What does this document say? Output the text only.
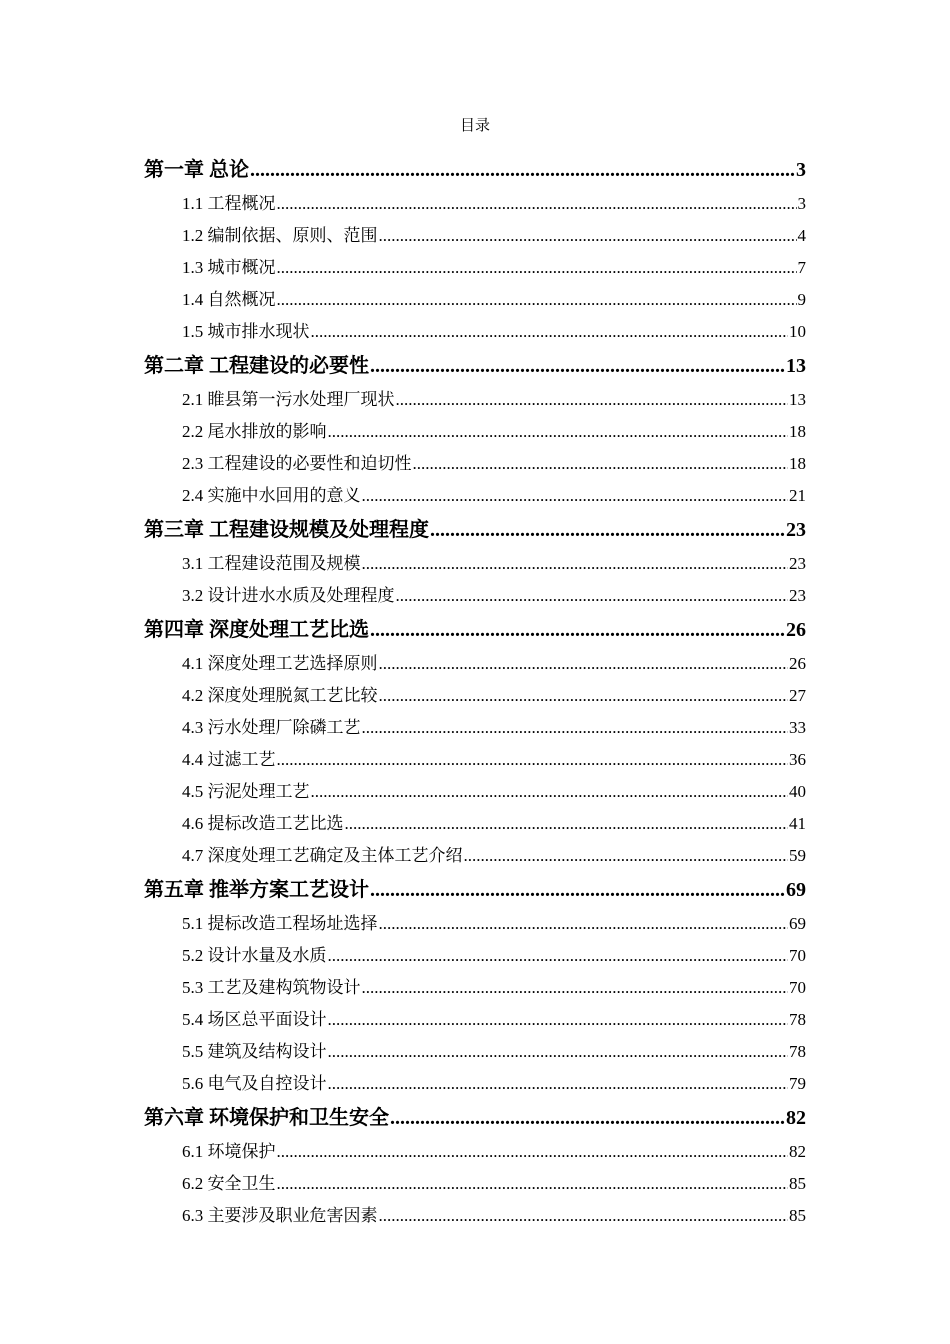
目录
第一章 总论 .....	3
1.1 工程概况 .....	3
1.2 编制依据、原则、范围 .....	4
1.3 城市概况 .....	7
1.4 自然概况 .....	9
1.5 城市排水现状 .....	10
第二章 工程建设的必要性 .....	13
2.1 睢县第一污水处理厂现状 .....	13
2.2 尾水排放的影响 .....	18
2.3 工程建设的必要性和迫切性 .....	18
2.4 实施中水回用的意义 .....	21
第三章 工程建设规模及处理程度 .....	23
3.1 工程建设范围及规模 .....	23
3.2 设计进水水质及处理程度 .....	23
第四章 深度处理工艺比选 .....	26
4.1 深度处理工艺选择原则 .....	26
4.2 深度处理脱氮工艺比较 .....	27
4.3 污水处理厂除磷工艺 .....	33
4.4 过滤工艺 .....	36
4.5 污泥处理工艺 .....	40
4.6 提标改造工艺比选 .....	41
4.7 深度处理工艺确定及主体工艺介绍 .....	59
第五章 推举方案工艺设计 .....	69
5.1 提标改造工程场址选择 .....	69
5.2 设计水量及水质 .....	70
5.3 工艺及建构筑物设计 .....	70
5.4 场区总平面设计 .....	78
5.5 建筑及结构设计 .....	78
5.6 电气及自控设计 .....	79
第六章 环境保护和卫生安全 .....	82
6.1 环境保护 .....	82
6.2 安全卫生 .....	85
6.3 主要涉及职业危害因素 .....	85
